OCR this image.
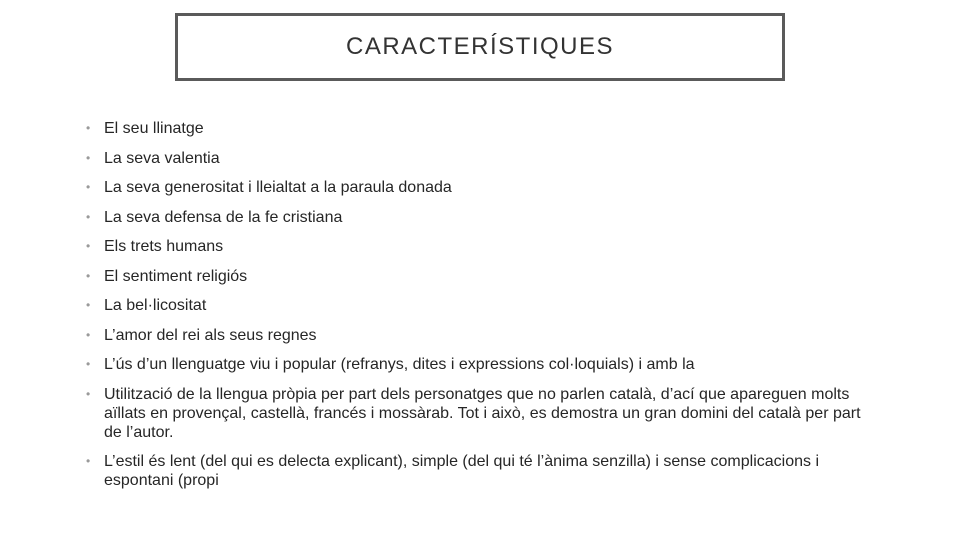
CARACTERÍSTIQUES
• El seu llinatge
• La seva valentia
• La seva generositat i lleialtat a la paraula donada
• La seva defensa de la fe cristiana
• Els trets humans
• El sentiment religiós
• La bel·licositat
• L’amor del rei als seus regnes
• L’ús d’un llenguatge viu i popular (refranys, dites i expressions col·loquials) i amb la
• Utilització de la llengua pròpia per part dels personatges que no parlen català, d’ací que apareguen molts aïllats en provençal, castellà, francés i mossàrab. Tot i això, es demostra un gran domini del català per part de l’autor.
• L’estil és lent (del qui es delecta explicant), simple (del qui té l’ànima senzilla) i sense complicacions i espontani (propi
